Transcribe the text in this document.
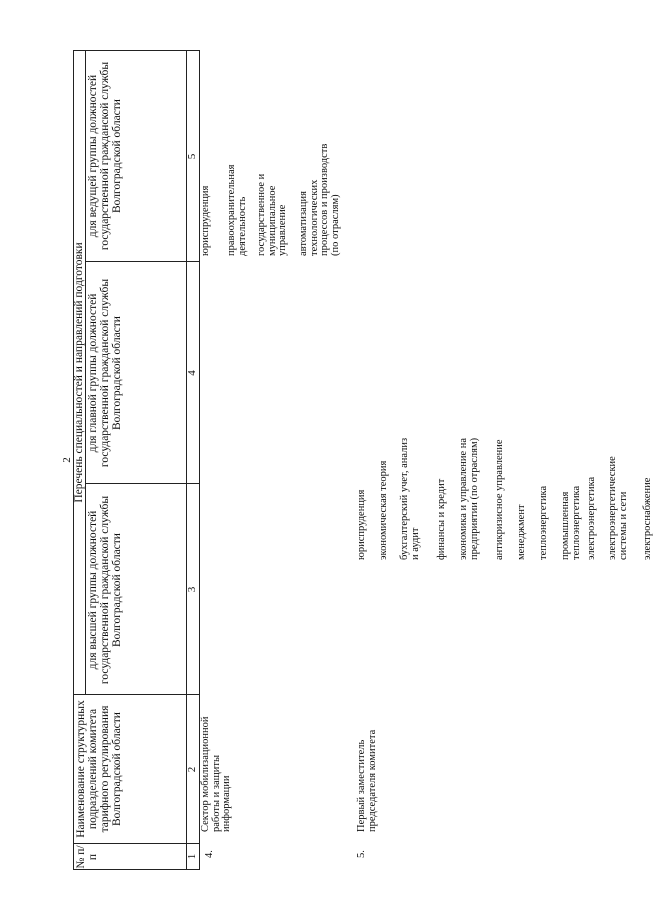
2
№ п/п
Наименование структурных подразделений комитета тарифного регулирования Волгоградской области
Перечень специальностей и направлений подготовки
для высшей группы должностей государственной гражданской службы Волгоградской области
для главной группы должностей государственной гражданской службы Волгоградской области
для ведущей группы должностей государственной гражданской службы Волгоградской области
1
2
3
4
5
4.
Сектор мобилизационной работы и защиты информации
юриспруденция правоохранительная деятельность государственное и муниципальное управление автоматизация технологических процессов и производств (по отраслям)
5.
Первый заместитель председателя комитета
юриспруденция экономическая теория бухгалтерский учет, анализ и аудит финансы и кредит экономика и управление на предприятии (по отраслям) антикризисное управление менеджмент теплоэнергетика промышленная теплоэнергетика электроэнергетика электроэнергетические системы и сети электроснабжение
